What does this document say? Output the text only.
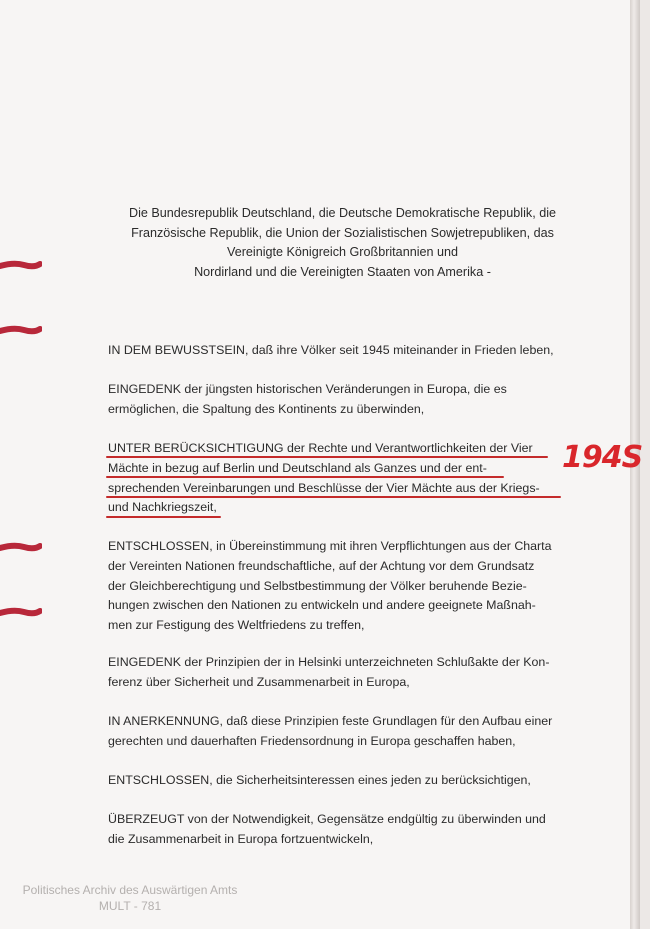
Die Bundesrepublik Deutschland, die Deutsche Demokratische Republik, die
Französische Republik, die Union der Sozialistischen Sowjetrepubliken, das
Vereinigte Königreich Großbritannien und
Nordirland und die Vereinigten Staaten von Amerika -

IN DEM BEWUSSTSEIN, daß ihre Völker seit 1945 miteinander in Frieden leben,

EINGEDENK der jüngsten historischen Veränderungen in Europa, die es

ermöglichen, die Spaltung des Kontinents zu überwinden,

UNTER BERÜCKSICHTIGUNG der Rechte und Verantwortlichkeiten der Vier

Mächte in bezug auf Berlin und Deutschland als Ganzes und der ent-

sprechenden Vereinbarungen und Beschlüsse der Vier Mächte aus der Kriegs-

und Nachkriegszeit,

194S

ENTSCHLOSSEN, in Übereinstimmung mit ihren Verpflichtungen aus der Charta

der Vereinten Nationen freundschaftliche, auf der Achtung vor dem Grundsatz

der Gleichberechtigung und Selbstbestimmung der Völker beruhende Bezie-

hungen zwischen den Nationen zu entwickeln und andere geeignete Maßnah-

men zur Festigung des Weltfriedens zu treffen,

EINGEDENK der Prinzipien der in Helsinki unterzeichneten Schlußakte der Kon-

ferenz über Sicherheit und Zusammenarbeit in Europa,

IN ANERKENNUNG, daß diese Prinzipien feste Grundlagen für den Aufbau einer

gerechten und dauerhaften Friedensordnung in Europa geschaffen haben,

ENTSCHLOSSEN, die Sicherheitsinteressen eines jeden zu berücksichtigen,

ÜBERZEUGT von der Notwendigkeit, Gegensätze endgültig zu überwinden und

die Zusammenarbeit in Europa fortzuentwickeln,

Politisches Archiv des Auswärtigen Amts
MULT - 781
